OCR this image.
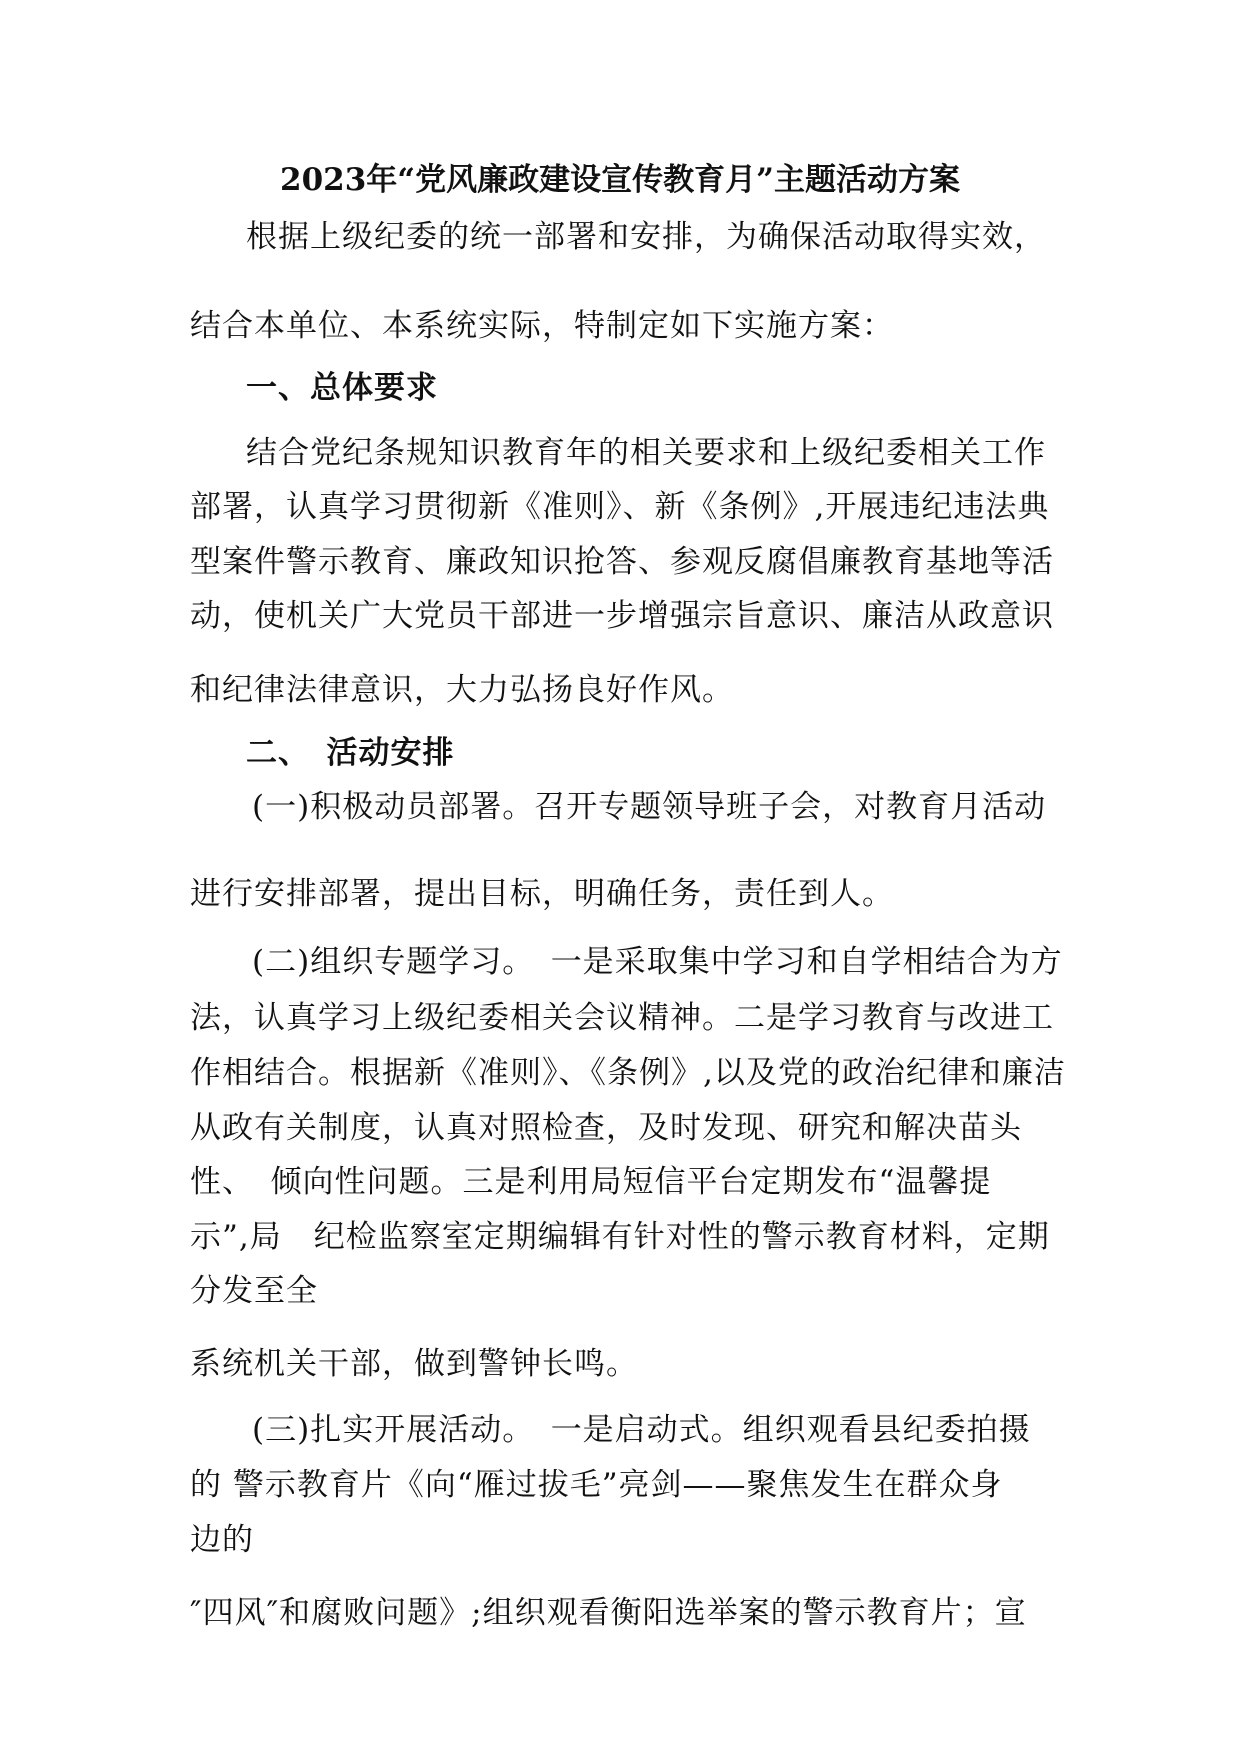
2023年“党风廉政建设宣传教育月”主题活动方案
根据上级纪委的统一部署和安排，为确保活动取得实效，
结合本单位、本系统实际，特制定如下实施方案：
一、总体要求
结合党纪条规知识教育年的相关要求和上级纪委相关工作
部署，认真学习贯彻新《准则》、新《条例》,开展违纪违法典
型案件警示教育、廉政知识抢答、参观反腐倡廉教育基地等活
动，使机关广大党员干部进一步增强宗旨意识、廉洁从政意识
和纪律法律意识，大力弘扬良好作风。
二、　活动安排
(一)积极动员部署。召开专题领导班子会，对教育月活动
进行安排部署，提出目标，明确任务，责任到人。
(二)组织专题学习。　一是采取集中学习和自学相结合为方
法，认真学习上级纪委相关会议精神。二是学习教育与改进工
作相结合。根据新《准则》、《条例》,以及党的政治纪律和廉洁
从政有关制度，认真对照检查，及时发现、研究和解决苗头
性、　倾向性问题。三是利用局短信平台定期发布“温馨提
示”,局　纪检监察室定期编辑有针对性的警示教育材料，定期
分发至全
系统机关干部，做到警钟长鸣。
(三)扎实开展活动。　一是启动式。组织观看县纪委拍摄
的 警示教育片《向“雁过拔毛”亮剑——聚焦发生在群众身
边的
″四风″和腐败问题》;组织观看衡阳选举案的警示教育片；宣
